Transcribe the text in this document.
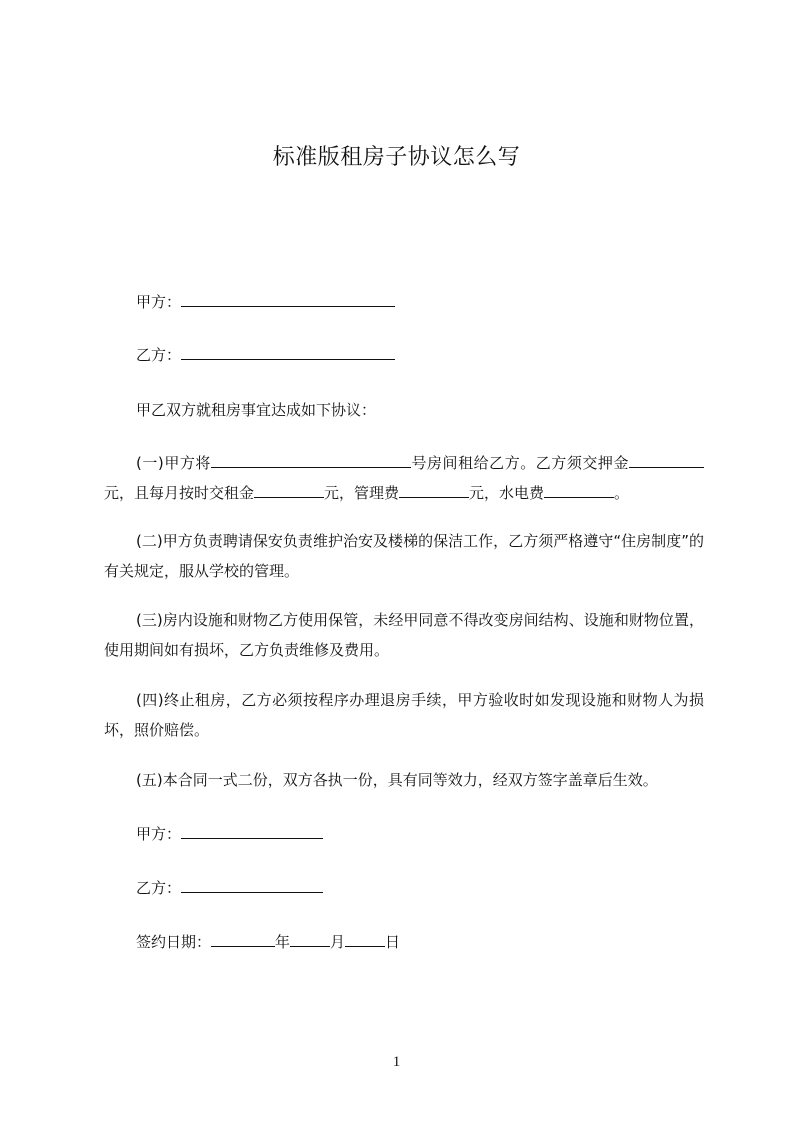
标准版租房子协议怎么写
甲方：
乙方：
甲乙双方就租房事宜达成如下协议：
(一)甲方将	号房间租给乙方。乙方须交押金元，且每月按时交租金	元，管理费	元，水电费	。
(二)甲方负责聘请保安负责维护治安及楼梯的保洁工作，乙方须严格遵守“住房制度”的有关规定，服从学校的管理。
(三)房内设施和财物乙方使用保管，未经甲同意不得改变房间结构、设施和财物位置，使用期间如有损坏，乙方负责维修及费用。
(四)终止租房，乙方必须按程序办理退房手续，甲方验收时如发现设施和财物人为损坏，照价赔偿。
(五)本合同一式二份，双方各执一份，具有同等效力，经双方签字盖章后生效。
甲方：
乙方：
签约日期：	年	月	日
1
